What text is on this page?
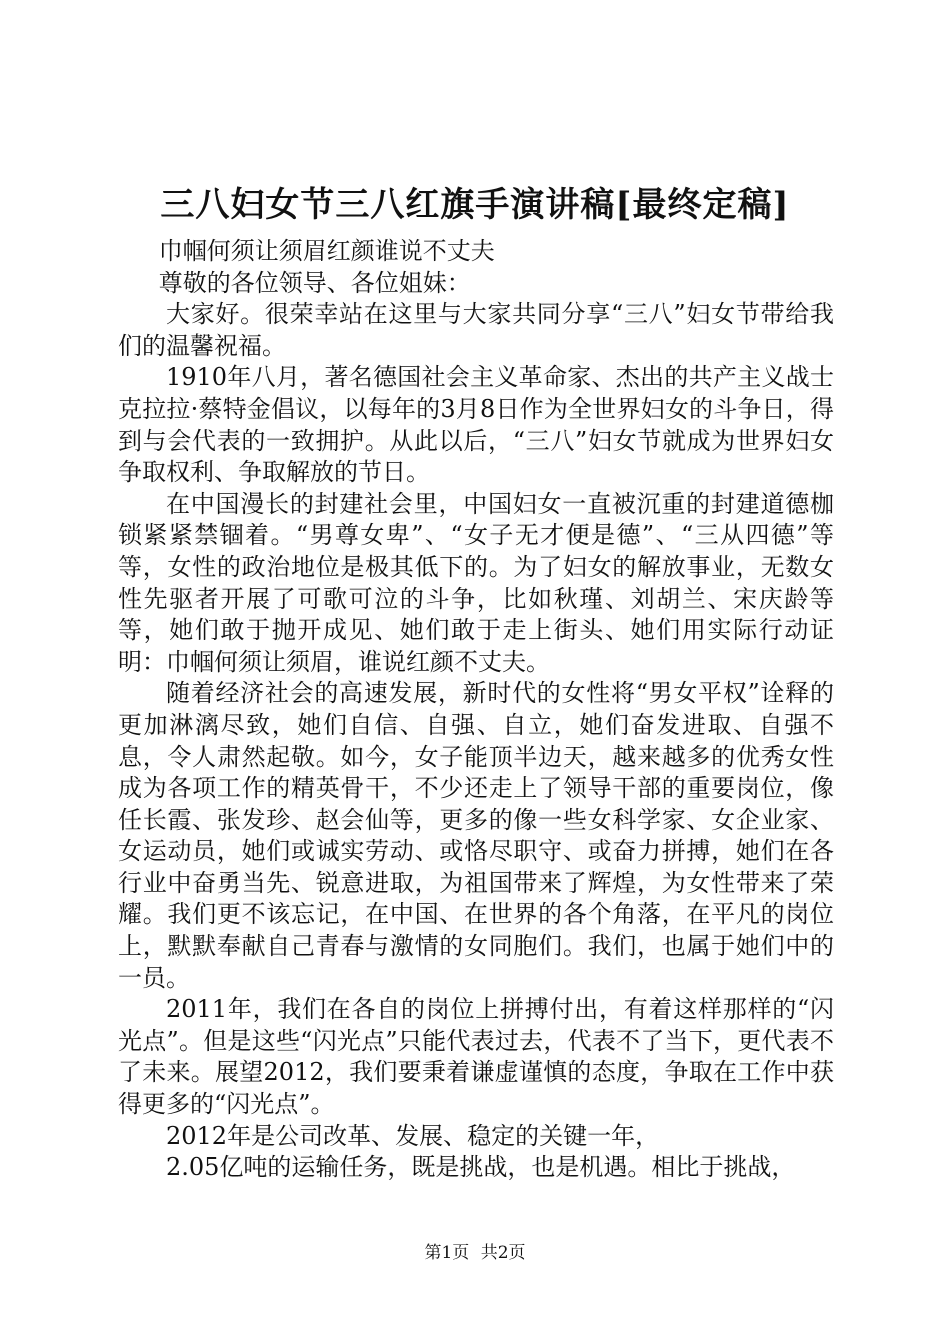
三八妇女节三八红旗手演讲稿[最终定稿]

巾帼何须让须眉红颜谁说不丈夫

尊敬的各位领导、各位姐妹：

大家好。很荣幸站在这里与大家共同分享“三八”妇女节带给我们的温馨祝福。

1910年八月，著名德国社会主义革命家、杰出的共产主义战士克拉拉·蔡特金倡议，以每年的3月8日作为全世界妇女的斗争日，得到与会代表的一致拥护。从此以后，“三八”妇女节就成为世界妇女争取权利、争取解放的节日。

在中国漫长的封建社会里，中国妇女一直被沉重的封建道德枷锁紧紧禁锢着。“男尊女卑”、“女子无才便是德”、“三从四德”等等，女性的政治地位是极其低下的。为了妇女的解放事业，无数女性先驱者开展了可歌可泣的斗争，比如秋瑾、刘胡兰、宋庆龄等等，她们敢于抛开成见、她们敢于走上街头、她们用实际行动证明：巾帼何须让须眉，谁说红颜不丈夫。

随着经济社会的高速发展，新时代的女性将“男女平权”诠释的更加淋漓尽致，她们自信、自强、自立，她们奋发进取、自强不息，令人肃然起敬。如今，女子能顶半边天，越来越多的优秀女性成为各项工作的精英骨干，不少还走上了领导干部的重要岗位，像任长霞、张发珍、赵会仙等，更多的像一些女科学家、女企业家、女运动员，她们或诚实劳动、或恪尽职守、或奋力拼搏，她们在各行业中奋勇当先、锐意进取，为祖国带来了辉煌，为女性带来了荣耀。我们更不该忘记，在中国、在世界的各个角落，在平凡的岗位上，默默奉献自己青春与激情的女同胞们。我们，也属于她们中的一员。

2011年，我们在各自的岗位上拼搏付出，有着这样那样的“闪光点”。但是这些“闪光点”只能代表过去，代表不了当下，更代表不了未来。展望2012，我们要秉着谦虚谨慎的态度，争取在工作中获得更多的“闪光点”。

2012年是公司改革、发展、稳定的关键一年，

2.05亿吨的运输任务，既是挑战，也是机遇。相比于挑战，

第1页 共2页
